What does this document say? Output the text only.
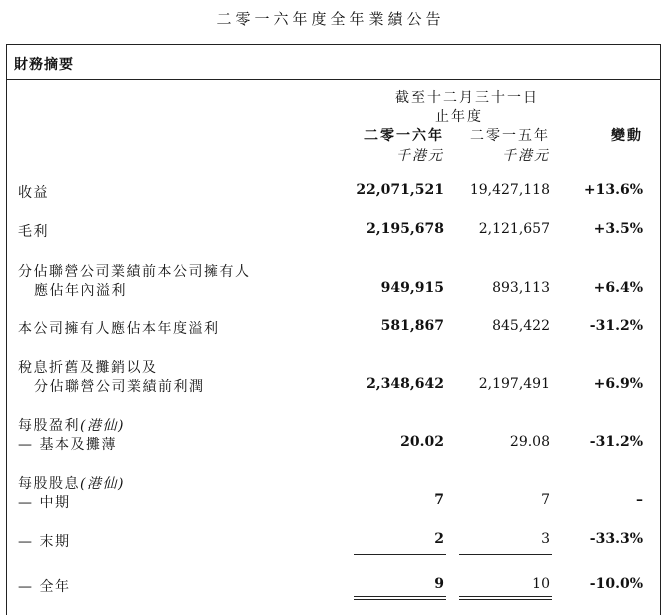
二零一六年度全年業績公告
財務摘要
截至十二月三十一日
止年度
二零一六年
千港元
二零一五年
千港元
變動
收益	22,071,521 19,427,118 +13.6%
毛利	2,195,678 2,121,657	+3.5%
分佔聯營公司業績前本公司擁有人
應佔年內溢利	949,915	893,113	+6.4%
本公司擁有人應佔本年度溢利	581,867	845,422	-31.2%
稅息折舊及攤銷以及
分佔聯營公司業績前利潤	2,348,642 2,197,491	+6.9%
每股盈利(港仙)
— 基本及攤薄	20.02	29.08	-31.2%
每股股息(港仙)
— 中期	7	7	–
— 末期	2	3	-33.3%
— 全年	9	10	-10.0%
